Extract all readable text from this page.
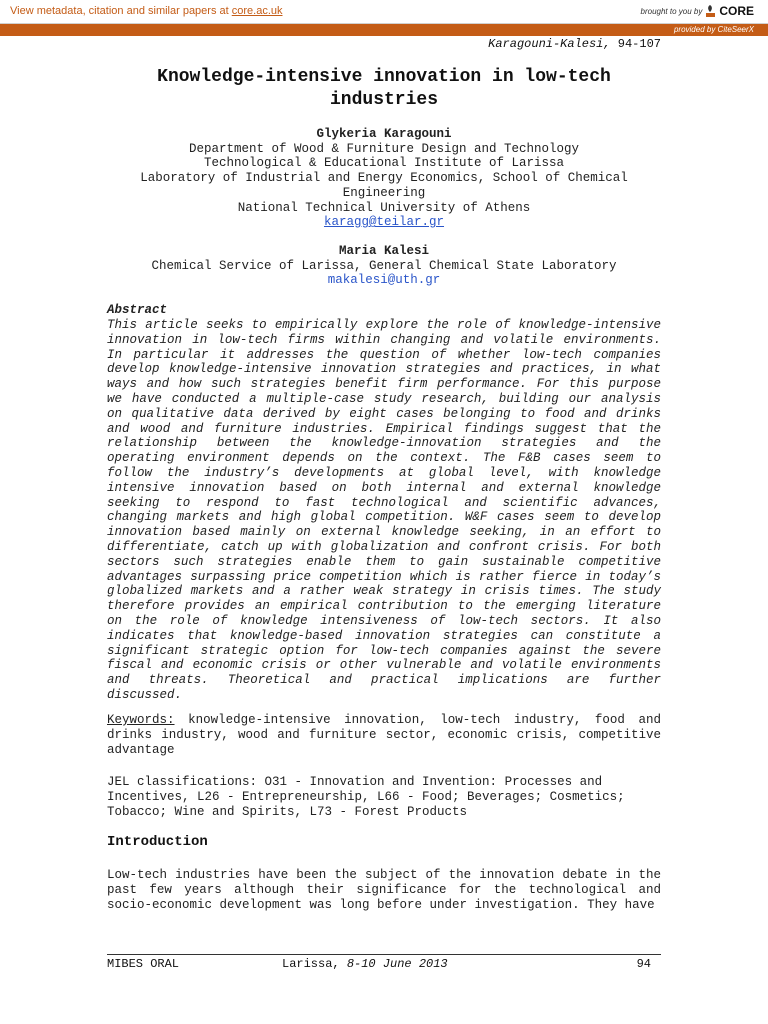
View metadata, citation and similar papers at core.ac.uk	brought to you by CORE
provided by CiteSeerX
Karagouni-Kalesi, 94-107
Knowledge-intensive innovation in low-tech industries
Glykeria Karagouni
Department of Wood & Furniture Design and Technology
Technological & Educational Institute of Larissa
Laboratory of Industrial and Energy Economics, School of Chemical Engineering
National Technical University of Athens
karagg@teilar.gr
Maria Kalesi
Chemical Service of Larissa, General Chemical State Laboratory
makalesi@uth.gr
Abstract
This article seeks to empirically explore the role of knowledge-intensive innovation in low-tech firms within changing and volatile environments. In particular it addresses the question of whether low-tech companies develop knowledge-intensive innovation strategies and practices, in what ways and how such strategies benefit firm performance. For this purpose we have conducted a multiple-case study research, building our analysis on qualitative data derived by eight cases belonging to food and drinks and wood and furniture industries. Empirical findings suggest that the relationship between the knowledge-innovation strategies and the operating environment depends on the context. The F&B cases seem to follow the industry’s developments at global level, with knowledge intensive innovation based on both internal and external knowledge seeking to respond to fast technological and scientific advances, changing markets and high global competition. W&F cases seem to develop innovation based mainly on external knowledge seeking, in an effort to differentiate, catch up with globalization and confront crisis. For both sectors such strategies enable them to gain sustainable competitive advantages surpassing price competition which is rather fierce in today’s globalized markets and a rather weak strategy in crisis times. The study therefore provides an empirical contribution to the emerging literature on the role of knowledge intensiveness of low-tech sectors. It also indicates that knowledge-based innovation strategies can constitute a significant strategic option for low-tech companies against the severe fiscal and economic crisis or other vulnerable and volatile environments and threats. Theoretical and practical implications are further discussed.
Keywords: knowledge-intensive innovation, low-tech industry, food and drinks industry, wood and furniture sector, economic crisis, competitive advantage
JEL classifications: O31 - Innovation and Invention: Processes and Incentives, L26 - Entrepreneurship, L66 - Food; Beverages; Cosmetics; Tobacco; Wine and Spirits, L73 - Forest Products
Introduction
Low-tech industries have been the subject of the innovation debate in the past few years although their significance for the technological and socio-economic development was long before under investigation. They have
MIBES ORAL	Larissa, 8-10 June 2013	94
